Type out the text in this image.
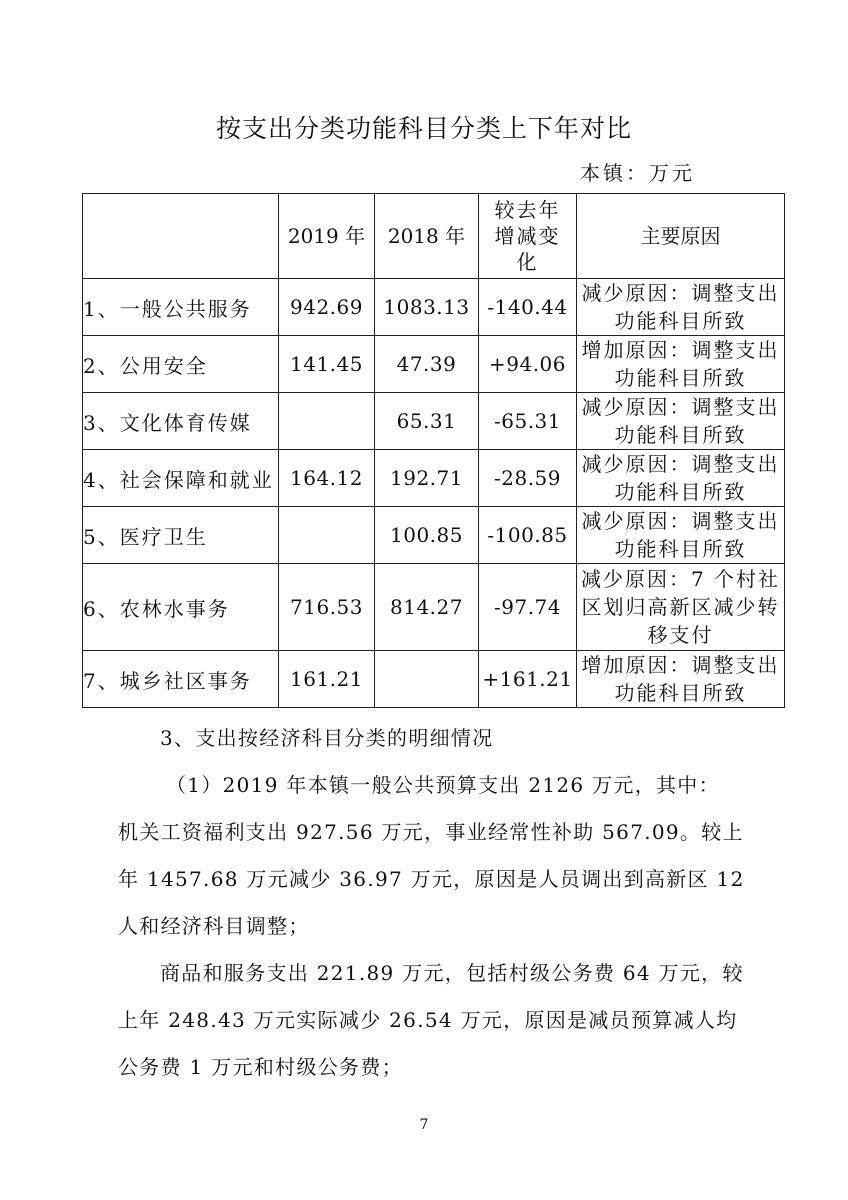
按支出分类功能科目分类上下年对比
本镇：万元
	2019 年	2018 年	较去年增减变化	主要原因
1、一般公共服务	942.69	1083.13	-140.44	减少原因：调整支出功能科目所致
2、公用安全	141.45	47.39	+94.06	增加原因：调整支出功能科目所致
3、文化体育传媒		65.31	-65.31	减少原因：调整支出功能科目所致
4、社会保障和就业	164.12	192.71	-28.59	减少原因：调整支出功能科目所致
5、医疗卫生		100.85	-100.85	减少原因：调整支出功能科目所致
6、农林水事务	716.53	814.27	-97.74	减少原因：7 个村社区划归高新区减少转移支付
7、城乡社区事务	161.21		+161.21	增加原因：调整支出功能科目所致
3、支出按经济科目分类的明细情况
（1）2019 年本镇一般公共预算支出 2126 万元，其中：
机关工资福利支出 927.56 万元，事业经常性补助 567.09。较上
年 1457.68 万元减少 36.97 万元，原因是人员调出到高新区 12
人和经济科目调整；
商品和服务支出 221.89 万元，包括村级公务费 64 万元，较
上年 248.43 万元实际减少 26.54 万元，原因是减员预算减人均
公务费 1 万元和村级公务费；
7
